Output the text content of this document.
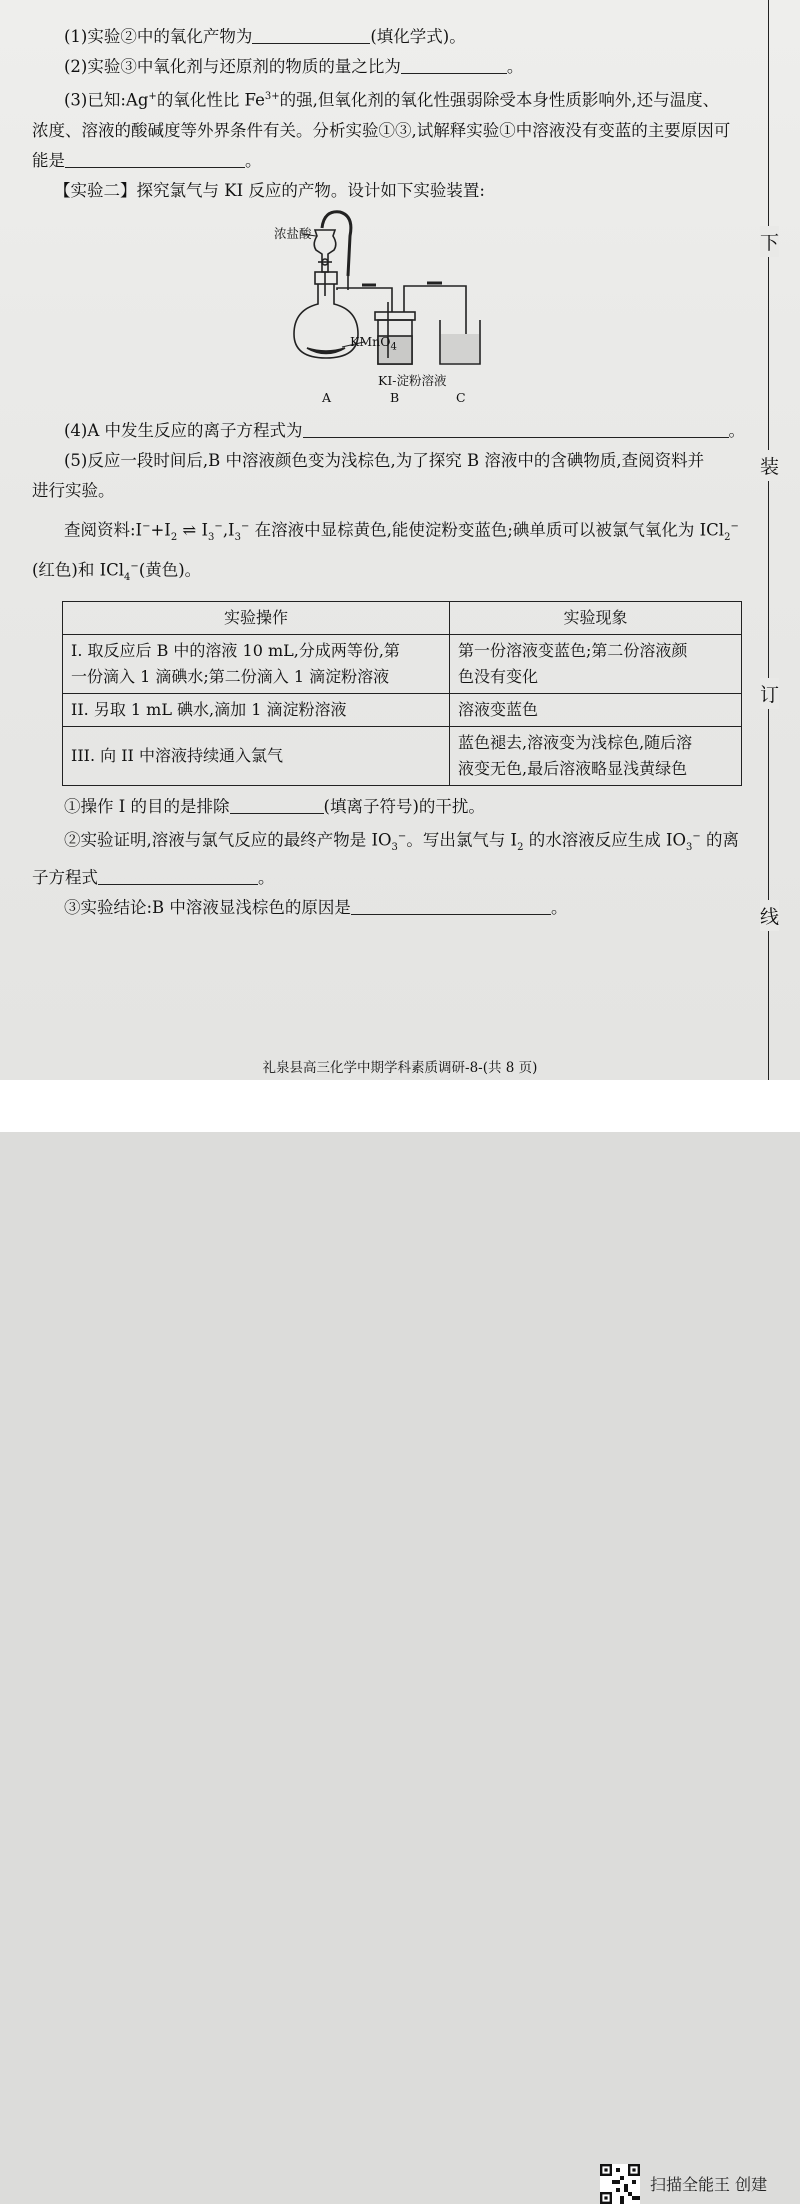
(1)实验②中的氧化产物为	(填化学式)。

(2)实验③中氧化剂与还原剂的物质的量之比为	。

(3)已知:Ag+的氧化性比 $Fe^{3+}$的强,但氧化剂的氧化性强弱除受本身性质影响外,还与温度、

浓度、溶液的酸碱度等外界条件有关。分析实验①③,试解释实验①中溶液没有变蓝的主要原因可

能是	。

【实验二】探究氯气与 KI 反应的产物。设计如下实验装置:

浓盐酸
KMnO$_4$
KI-淀粉溶液
A	B	C

(4)A 中发生反应的离子方程式为	。

(5)反应一段时间后,B 中溶液颜色变为浅棕色,为了探究 B 溶液中的含碘物质,查阅资料并

进行实验。

查阅资料$:I^-+I_2$ ⇌ $I_3^-,I_3^-$ 在溶液中显棕黄色,能使淀粉变蓝色;碘单质可以被氯气氧化为 ICl$_2$−

(红色)和 ICl$_4$−(黄色)。

实验操作	实验现象
I. 取反应后 B 中的溶液 10 mL,分成两等份,第
一份滴入 1 滴碘水;第二份滴入 1 滴淀粉溶液	第一份溶液变蓝色;第二份溶液颜
色没有变化
II. 另取 1 mL 碘水,滴加 1 滴淀粉溶液	溶液变蓝色
III. 向 II 中溶液持续通入氯气	蓝色褪去,溶液变为浅棕色,随后溶
液变无色,最后溶液略显浅黄绿色

①操作 I 的目的是排除	(填离子符号)的干扰。

②实验证明,溶液与氯气反应的最终产物是 $IO_3^-$。写出氯气与 $I_2$ 的水溶液反应生成 $IO_3^-$ 的离

子方程式	。

③实验结论:B 中溶液显浅棕色的原因是	。

下
装
订
线
礼泉县高三化学中期学科素质调研-8-(共 8 页)
扫描全能王 创建
